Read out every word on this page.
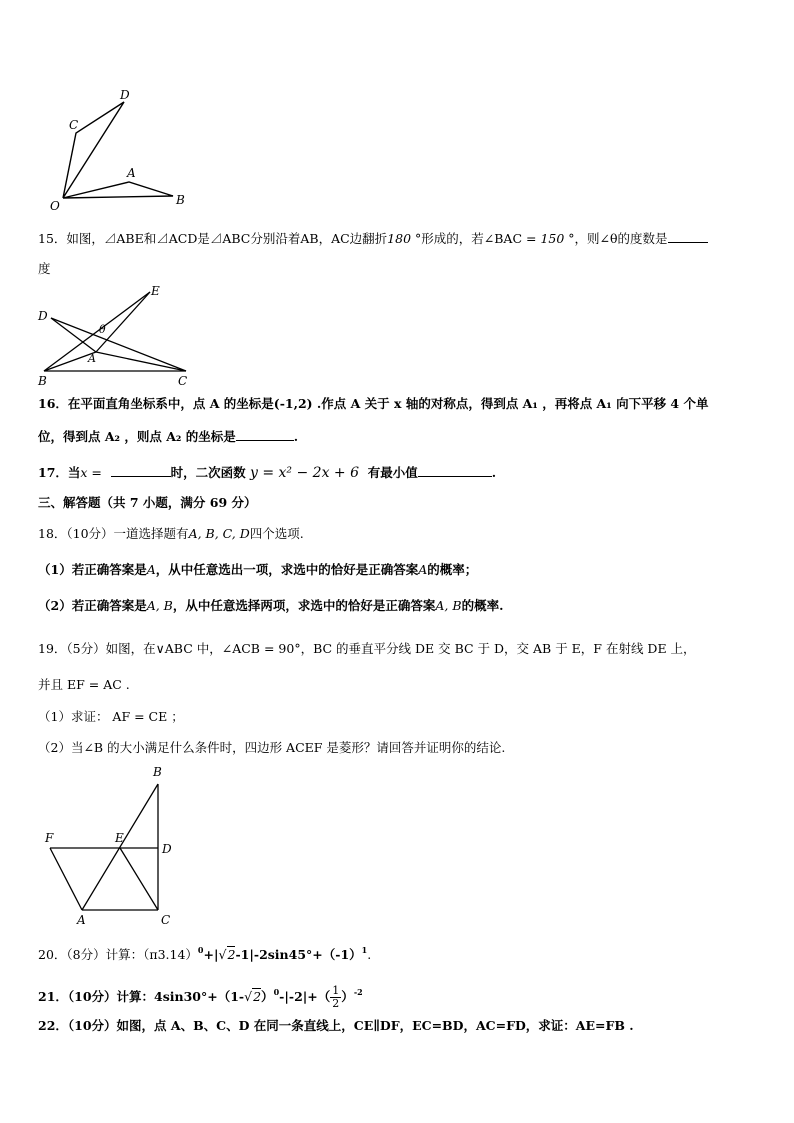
D
C
A
O	B
15．如图，⊿ABE和⊿ACD是⊿ABC分别沿着AB，AC边翻折180 °形成的，若∠BAC = 150 °，则∠θ的度数是
度
E
D
θ
A
B	C
16．在平面直角坐标系中，点 A 的坐标是(-1,2) .作点 A 关于 x 轴的对称点，得到点 A₁ ，再将点 A₁ 向下平移 4 个单
位，得到点 A₂ ，则点 A₂ 的坐标是	.
17．当x =	时，二次函数 y = x² − 2x + 6 有最小值	.
三、解答题（共 7 小题，满分 69 分）
18．（10分）一道选择题有A, B, C, D四个选项.
（1）若正确答案是A，从中任意选出一项，求选中的恰好是正确答案A的概率；
（2）若正确答案是A, B，从中任意选择两项，求选中的恰好是正确答案A, B的概率.
19．（5分）如图，在∨ABC 中，∠ACB = 90°，BC 的垂直平分线 DE 交 BC 于 D，交 AB 于 E，F 在射线 DE 上，
并且 EF = AC .
（1）求证： AF = CE ；
（2）当∠B 的大小满足什么条件时，四边形 ACEF 是菱形？请回答并证明你的结论.
B
F	E
D
A	C
20．（8分）计算：$(\pi 3.14)^0+|√2-1|-2\sin 45^\circ+(-1)^1$.
21．（10分）计算：$4\sin 30^\circ+(1-√2)^0-|-2|+( \frac{1}{2} )^{-2}$
22．（10分）如图，点 A、B、C、D 在同一条直线上，CE∥DF，EC=BD，AC=FD，求证：AE=FB .
